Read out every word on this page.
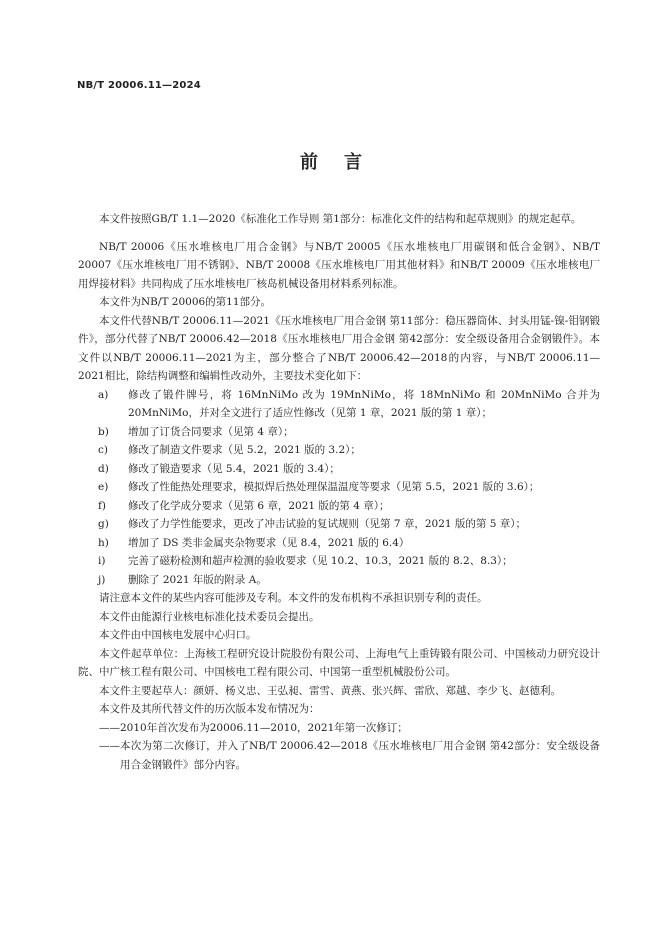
NB/T 20006.11—2024
前言

本文件按照GB/T 1.1—2020《标准化工作导则 第1部分：标准化文件的结构和起草规则》的规定起草。

NB/T 20006《压水堆核电厂用合金钢》与NB/T 20005《压水堆核电厂用碳钢和低合金钢》、NB/T 20007《压水堆核电厂用不锈钢》、NB/T 20008《压水堆核电厂用其他材料》和NB/T 20009《压水堆核电厂用焊接材料》共同构成了压水堆核电厂核岛机械设备用材料系列标准。

本文件为NB/T 20006的第11部分。

本文件代替NB/T 20006.11—2021《压水堆核电厂用合金钢 第11部分：稳压器筒体、封头用锰-镍-钼钢锻件》，部分代替了NB/T 20006.42—2018《压水堆核电厂用合金钢 第42部分：安全级设备用合金钢锻件》。本文件以NB/T 20006.11—2021为主，部分整合了NB/T 20006.42—2018的内容，与NB/T 20006.11—2021相比，除结构调整和编辑性改动外，主要技术变化如下：

a)	修改了锻件牌号，将 16MnNiMo 改为 19MnNiMo，将 18MnNiMo 和 20MnNiMo 合并为 20MnNiMo，并对全文进行了适应性修改（见第 1 章，2021 版的第 1 章）；
b)	增加了订货合同要求（见第 4 章）；
c)	修改了制造文件要求（见 5.2，2021 版的 3.2）；
d)	修改了锻造要求（见 5.4，2021 版的 3.4）；
e)	修改了性能热处理要求，模拟焊后热处理保温温度等要求（见第 5.5，2021 版的 3.6）；
f)	修改了化学成分要求（见第 6 章，2021 版的第 4 章）；
g)	修改了力学性能要求，更改了冲击试验的复试规则（见第 7 章，2021 版的第 5 章）；
h)	增加了 DS 类非金属夹杂物要求（见 8.4，2021 版的 6.4）
i)	完善了磁粉检测和超声检测的验收要求（见 10.2、10.3，2021 版的 8.2、8.3）；
j)	删除了 2021 年版的附录 A。

请注意本文件的某些内容可能涉及专利。本文件的发布机构不承担识别专利的责任。

本文件由能源行业核电标准化技术委员会提出。

本文件由中国核电发展中心归口。

本文件起草单位：上海核工程研究设计院股份有限公司、上海电气上重铸锻有限公司、中国核动力研究设计院、中广核工程有限公司、中国核电工程有限公司、中国第一重型机械股份公司。

本文件主要起草人：颜妍、杨义忠、王弘昶、雷雪、黄燕、张兴辉、雷欣、郑越、李少飞、赵德利。

本文件及其所代替文件的历次版本发布情况为：

—— 2010年首次发布为20006.11—2010，2021年第一次修订；
—— 本次为第二次修订，并入了NB/T 20006.42—2018《压水堆核电厂用合金钢 第42部分：安全级设备用合金钢锻件》部分内容。
